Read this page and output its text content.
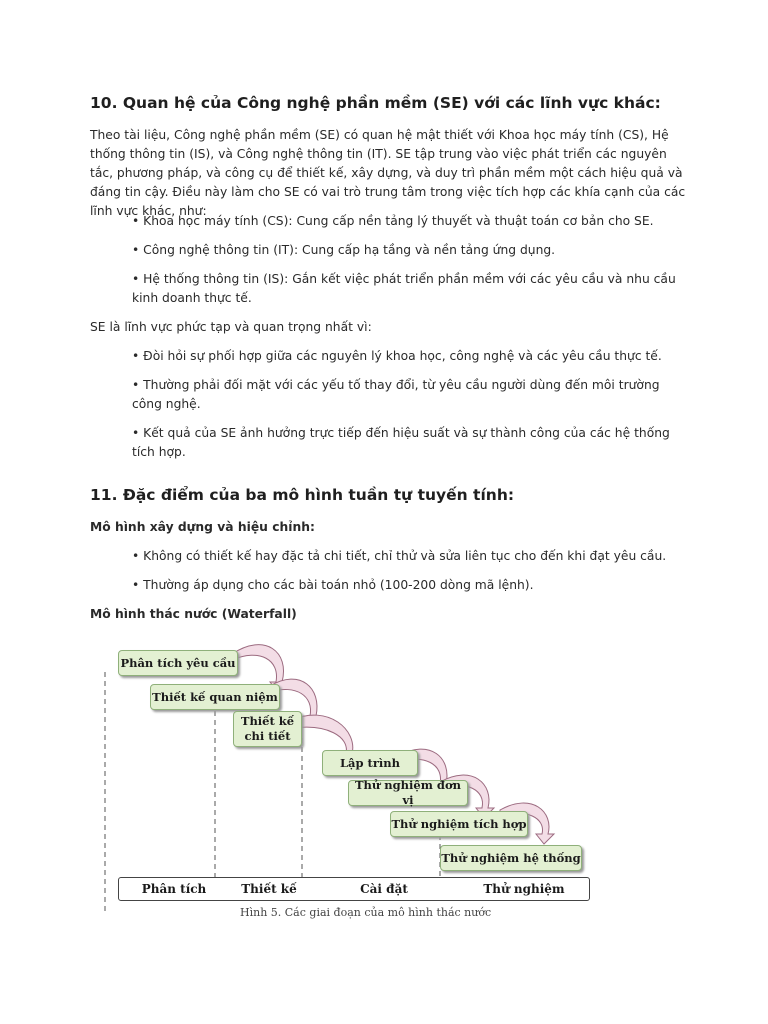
10. Quan hệ của Công nghệ phần mềm (SE) với các lĩnh vực khác:

Theo tài liệu, Công nghệ phần mềm (SE) có quan hệ mật thiết với Khoa học máy tính (CS), Hệ thống thông tin (IS), và Công nghệ thông tin (IT). SE tập trung vào việc phát triển các nguyên tắc, phương pháp, và công cụ để thiết kế, xây dựng, và duy trì phần mềm một cách hiệu quả và đáng tin cậy. Điều này làm cho SE có vai trò trung tâm trong việc tích hợp các khía cạnh của các lĩnh vực khác, như:

• Khoa học máy tính (CS): Cung cấp nền tảng lý thuyết và thuật toán cơ bản cho SE.

• Công nghệ thông tin (IT): Cung cấp hạ tầng và nền tảng ứng dụng.

• Hệ thống thông tin (IS): Gắn kết việc phát triển phần mềm với các yêu cầu và nhu cầu kinh doanh thực tế.

SE là lĩnh vực phức tạp và quan trọng nhất vì:

• Đòi hỏi sự phối hợp giữa các nguyên lý khoa học, công nghệ và các yêu cầu thực tế.

• Thường phải đối mặt với các yếu tố thay đổi, từ yêu cầu người dùng đến môi trường công nghệ.

• Kết quả của SE ảnh hưởng trực tiếp đến hiệu suất và sự thành công của các hệ thống tích hợp.

11. Đặc điểm của ba mô hình tuần tự tuyến tính:

Mô hình xây dựng và hiệu chỉnh:

• Không có thiết kế hay đặc tả chi tiết, chỉ thử và sửa liên tục cho đến khi đạt yêu cầu.

• Thường áp dụng cho các bài toán nhỏ (100-200 dòng mã lệnh).

Mô hình thác nước (Waterfall)

Phân tích yêu cầu
Thiết kế quan niệm
Thiết kế chi tiết
Lập trình
Thử nghiệm đơn vị
Thử nghiệm tích hợp
Thử nghiệm hệ thống
Phân tích	Thiết kế	Cài đặt	Thử nghiệm
Hình 5. Các giai đoạn của mô hình thác nước
